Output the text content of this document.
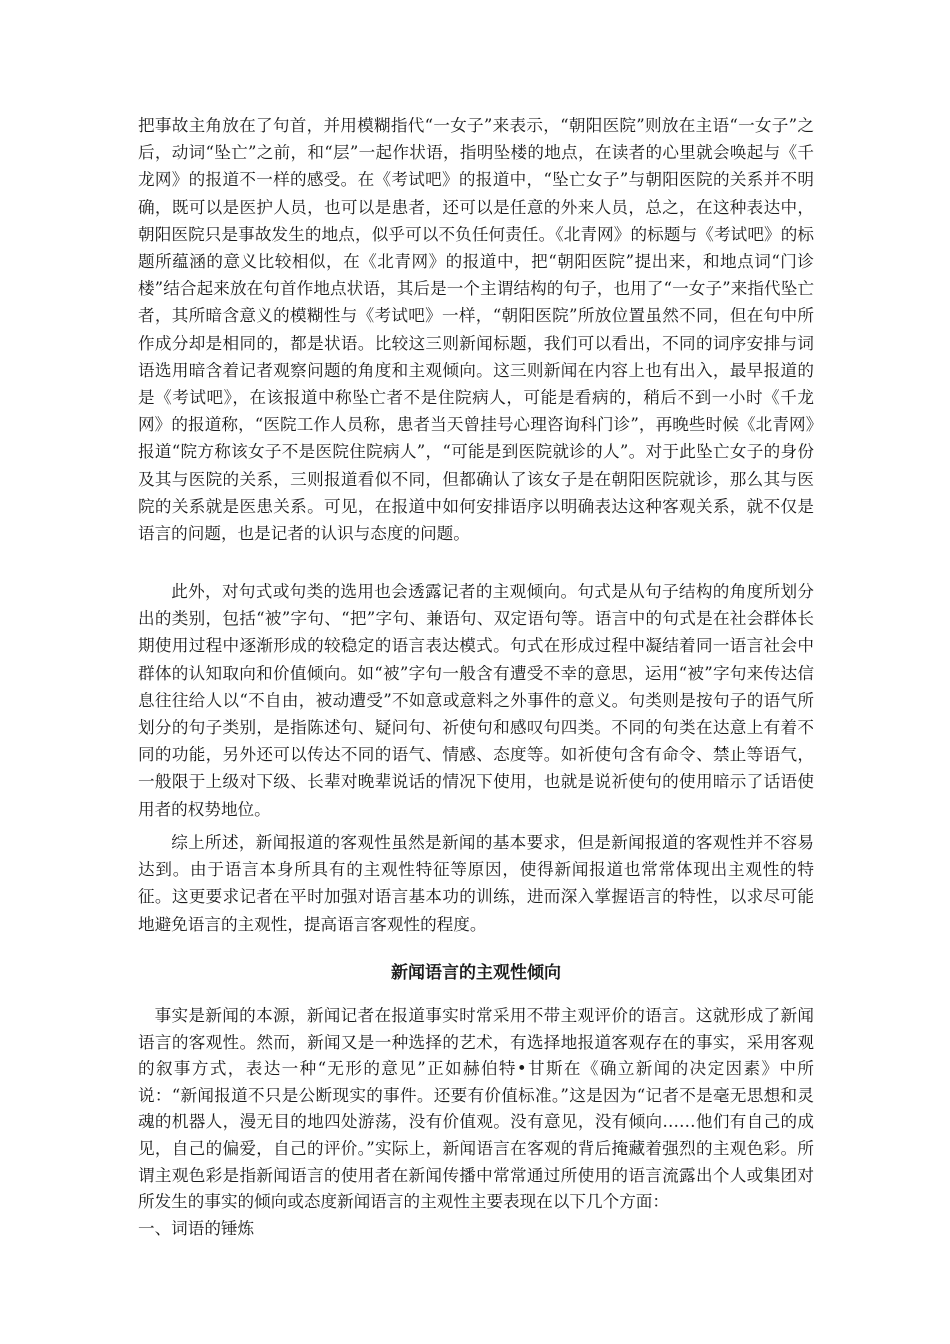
把事故主角放在了句首，并用模糊指代“一女子”来表示，“朝阳医院”则放在主语“一女子”之后，动词“坠亡”之前，和“层”一起作状语，指明坠楼的地点，在读者的心里就会唤起与《千龙网》的报道不一样的感受。在《考试吧》的报道中，“坠亡女子”与朝阳医院的关系并不明确，既可以是医护人员，也可以是患者，还可以是任意的外来人员，总之，在这种表达中，朝阳医院只是事故发生的地点，似乎可以不负任何责任。《北青网》的标题与《考试吧》的标题所蕴涵的意义比较相似，在《北青网》的报道中，把“朝阳医院”提出来，和地点词“门诊楼”结合起来放在句首作地点状语，其后是一个主谓结构的句子，也用了“一女子”来指代坠亡者，其所暗含意义的模糊性与《考试吧》一样，“朝阳医院”所放位置虽然不同，但在句中所作成分却是相同的，都是状语。比较这三则新闻标题，我们可以看出，不同的词序安排与词语选用暗含着记者观察问题的角度和主观倾向。这三则新闻在内容上也有出入，最早报道的是《考试吧》，在该报道中称坠亡者不是住院病人，可能是看病的，稍后不到一小时《千龙网》的报道称，“医院工作人员称，患者当天曾挂号心理咨询科门诊”，再晚些时候《北青网》报道“院方称该女子不是医院住院病人”，“可能是到医院就诊的人”。对于此坠亡女子的身份及其与医院的关系，三则报道看似不同，但都确认了该女子是在朝阳医院就诊，那么其与医院的关系就是医患关系。可见，在报道中如何安排语序以明确表达这种客观关系，就不仅是语言的问题，也是记者的认识与态度的问题。

此外，对句式或句类的选用也会透露记者的主观倾向。句式是从句子结构的角度所划分出的类别，包括“被”字句、“把”字句、兼语句、双定语句等。语言中的句式是在社会群体长期使用过程中逐渐形成的较稳定的语言表达模式。句式在形成过程中凝结着同一语言社会中群体的认知取向和价值倾向。如“被”字句一般含有遭受不幸的意思，运用“被”字句来传达信息往往给人以“不自由，被动遭受”不如意或意料之外事件的意义。句类则是按句子的语气所划分的句子类别，是指陈述句、疑问句、祈使句和感叹句四类。不同的句类在达意上有着不同的功能，另外还可以传达不同的语气、情感、态度等。如祈使句含有命令、禁止等语气，一般限于上级对下级、长辈对晚辈说话的情况下使用，也就是说祈使句的使用暗示了话语使用者的权势地位。

综上所述，新闻报道的客观性虽然是新闻的基本要求，但是新闻报道的客观性并不容易达到。由于语言本身所具有的主观性特征等原因，使得新闻报道也常常体现出主观性的特征。这更要求记者在平时加强对语言基本功的训练，进而深入掌握语言的特性，以求尽可能地避免语言的主观性，提高语言客观性的程度。

新闻语言的主观性倾向

事实是新闻的本源，新闻记者在报道事实时常采用不带主观评价的语言。这就形成了新闻语言的客观性。然而，新闻又是一种选择的艺术，有选择地报道客观存在的事实，采用客观的叙事方式，表达一种“无形的意见”正如赫伯特•甘斯在《确立新闻的决定因素》中所说：“新闻报道不只是公断现实的事件。还要有价值标准。”这是因为“记者不是毫无思想和灵魂的机器人，漫无目的地四处游荡，没有价值观。没有意见，没有倾向……他们有自己的成见，自己的偏爱，自己的评价。”实际上，新闻语言在客观的背后掩藏着强烈的主观色彩。所谓主观色彩是指新闻语言的使用者在新闻传播中常常通过所使用的语言流露出个人或集团对所发生的事实的倾向或态度新闻语言的主观性主要表现在以下几个方面：

一、词语的锤炼
